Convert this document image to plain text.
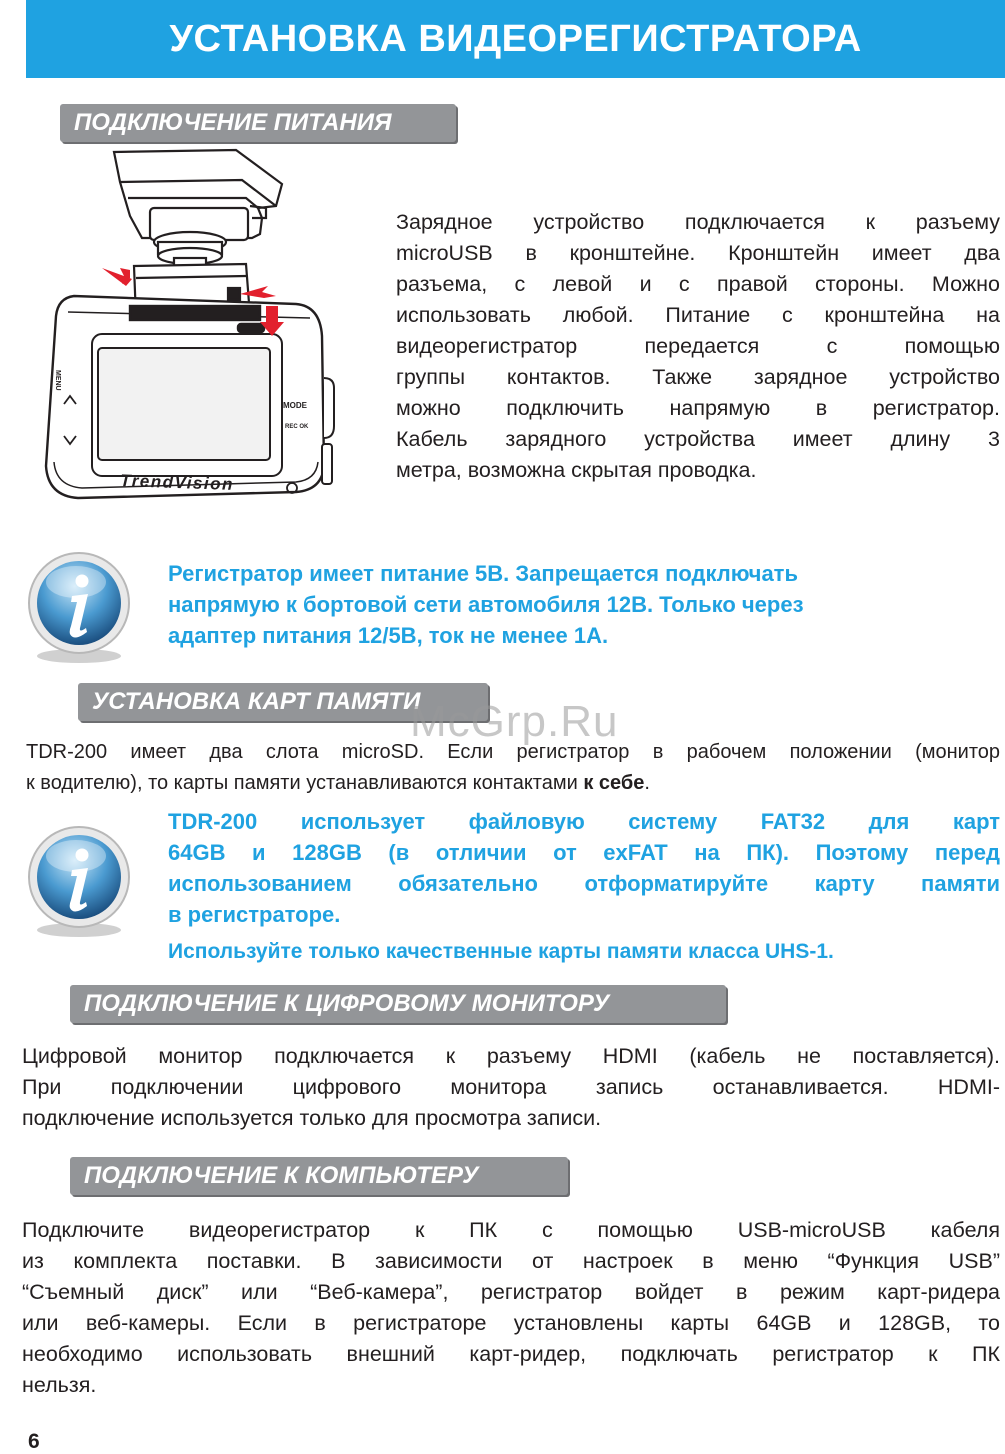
УСТАНОВКА ВИДЕОРЕГИСТРАТОРА
ПОДКЛЮЧЕНИЕ ПИТАНИЯ
MENU
MODE
REC OK
TrendVision
Зарядное устройство подключается к разъему
microUSB в кронштейне. Кронштейн имеет два
разъема, с левой и с правой стороны. Можно
использовать любой. Питание с кронштейна на
видеорегистратор передается с помощью
группы контактов. Также зарядное устройство
можно подключить напрямую в регистратор.
Кабель зарядного устройства имеет длину 3
метра, возможна скрытая проводка.
Регистратор имеет питание 5В. Запрещается подключать
напрямую к бортовой сети автомобиля 12В. Только через
адаптер питания 12/5В, ток не менее 1А.
УСТАНОВКА КАРТ ПАМЯТИ
TDR-200 имеет два слота microSD. Если регистратор в рабочем положении (монитор
к водителю), то карты памяти устанавливаются контактами к себе.
TDR-200 использует файловую систему FAT32 для карт
64GB и 128GB (в отличии от exFAT на ПК). Поэтому перед
использованием обязательно отформатируйте карту памяти
в регистраторе.
Используйте только качественные карты памяти класса UHS-1.
McGrp.Ru
ПОДКЛЮЧЕНИЕ К ЦИФРОВОМУ МОНИТОРУ
Цифровой монитор подключается к разъему HDMI (кабель не поставляется).
При подключении цифрового монитора запись останавливается. HDMI-
подключение используется только для просмотра записи.
ПОДКЛЮЧЕНИЕ К КОМПЬЮТЕРУ
Подключите видеорегистратор к ПК с помощью USB-microUSB кабеля
из комплекта поставки. В зависимости от настроек в меню “Функция USB”
“Съемный диск” или “Веб-камера”, регистратор войдет в режим карт-ридера
или веб-камеры. Если в регистраторе установлены карты 64GB и 128GB, то
необходимо использовать внешний карт-ридер, подключать регистратор к ПК
нельзя.
6
